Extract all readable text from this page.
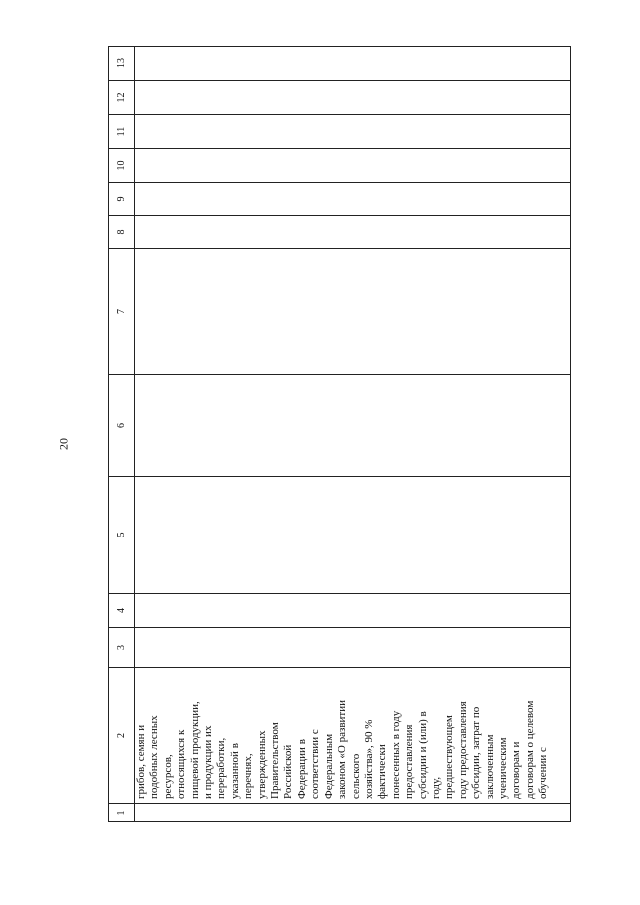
20
1
2
3
4
5
6
7
8
9
10
11
12
13
грибов, семян и подобных лесных ресурсов, относящихся к пищевой продукции, и продукции их переработки, указанной в перечнях, утвержденных Правительством Российской Федерации в соответствии с Федеральным законом «О развитии сельского хозяйства», 90 % фактически понесенных в году предоставления субсидии и (или) в году, предшествующем году предоставления субсидии, затрат по заключенным ученическим договорам и договорам о целевом обучении с
